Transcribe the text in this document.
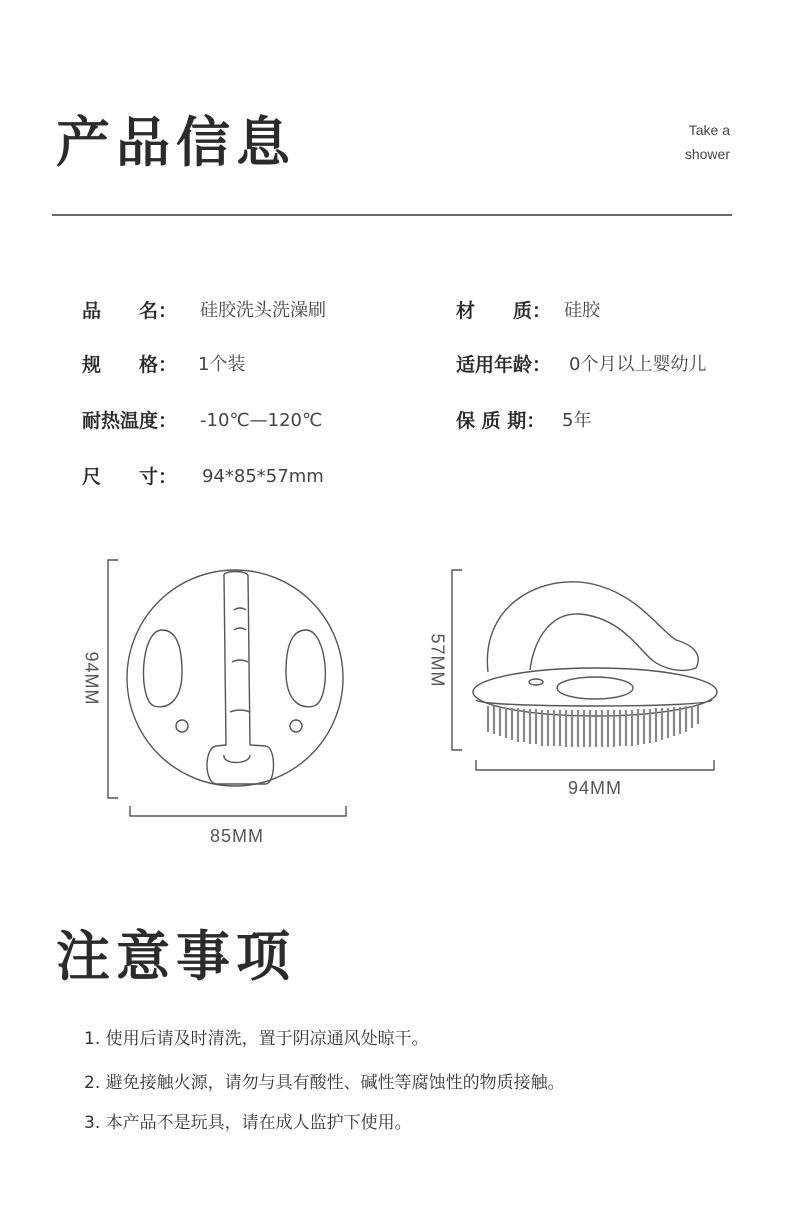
产品信息	Take a
shower
品　　名： 硅胶洗头洗澡刷	材　　质： 硅胶
规　　格： 1个装	适用年龄： 0个月以上婴幼儿
耐热温度： -10℃—120℃	保 质 期： 5年
尺　　寸： 94*85*57mm
94MM
85MM
57MM
94MM
注意事项
1. 使用后请及时清洗，置于阴凉通风处晾干。
2. 避免接触火源，请勿与具有酸性、碱性等腐蚀性的物质接触。
3. 本产品不是玩具，请在成人监护下使用。
